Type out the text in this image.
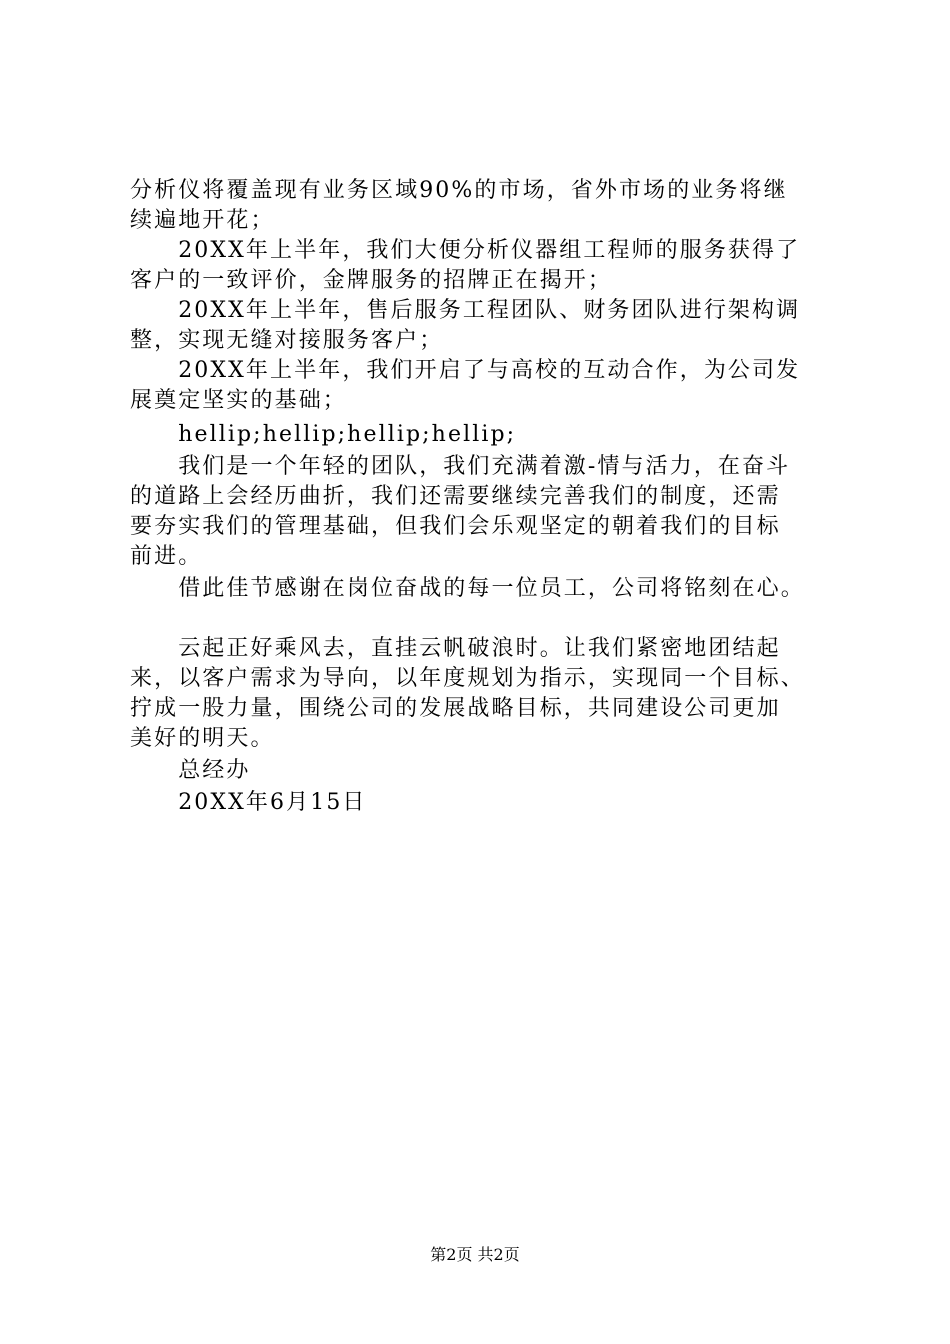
分析仪将覆盖现有业务区域90%的市场，省外市场的业务将继
续遍地开花；
　　20XX年上半年，我们大便分析仪器组工程师的服务获得了
客户的一致评价，金牌服务的招牌正在揭开；
　　20XX年上半年，售后服务工程团队、财务团队进行架构调
整，实现无缝对接服务客户；
　　20XX年上半年，我们开启了与高校的互动合作，为公司发
展奠定坚实的基础；
　　hellip;hellip;hellip;hellip;
　　我们是一个年轻的团队，我们充满着激-情与活力，在奋斗
的道路上会经历曲折，我们还需要继续完善我们的制度，还需
要夯实我们的管理基础，但我们会乐观坚定的朝着我们的目标
前进。
　　借此佳节感谢在岗位奋战的每一位员工，公司将铭刻在心。
　　云起正好乘风去，直挂云帆破浪时。让我们紧密地团结起
来，以客户需求为导向，以年度规划为指示，实现同一个目标、
拧成一股力量，围绕公司的发展战略目标，共同建设公司更加
美好的明天。
　　总经办
　　20XX年6月15日
第2页 共2页
